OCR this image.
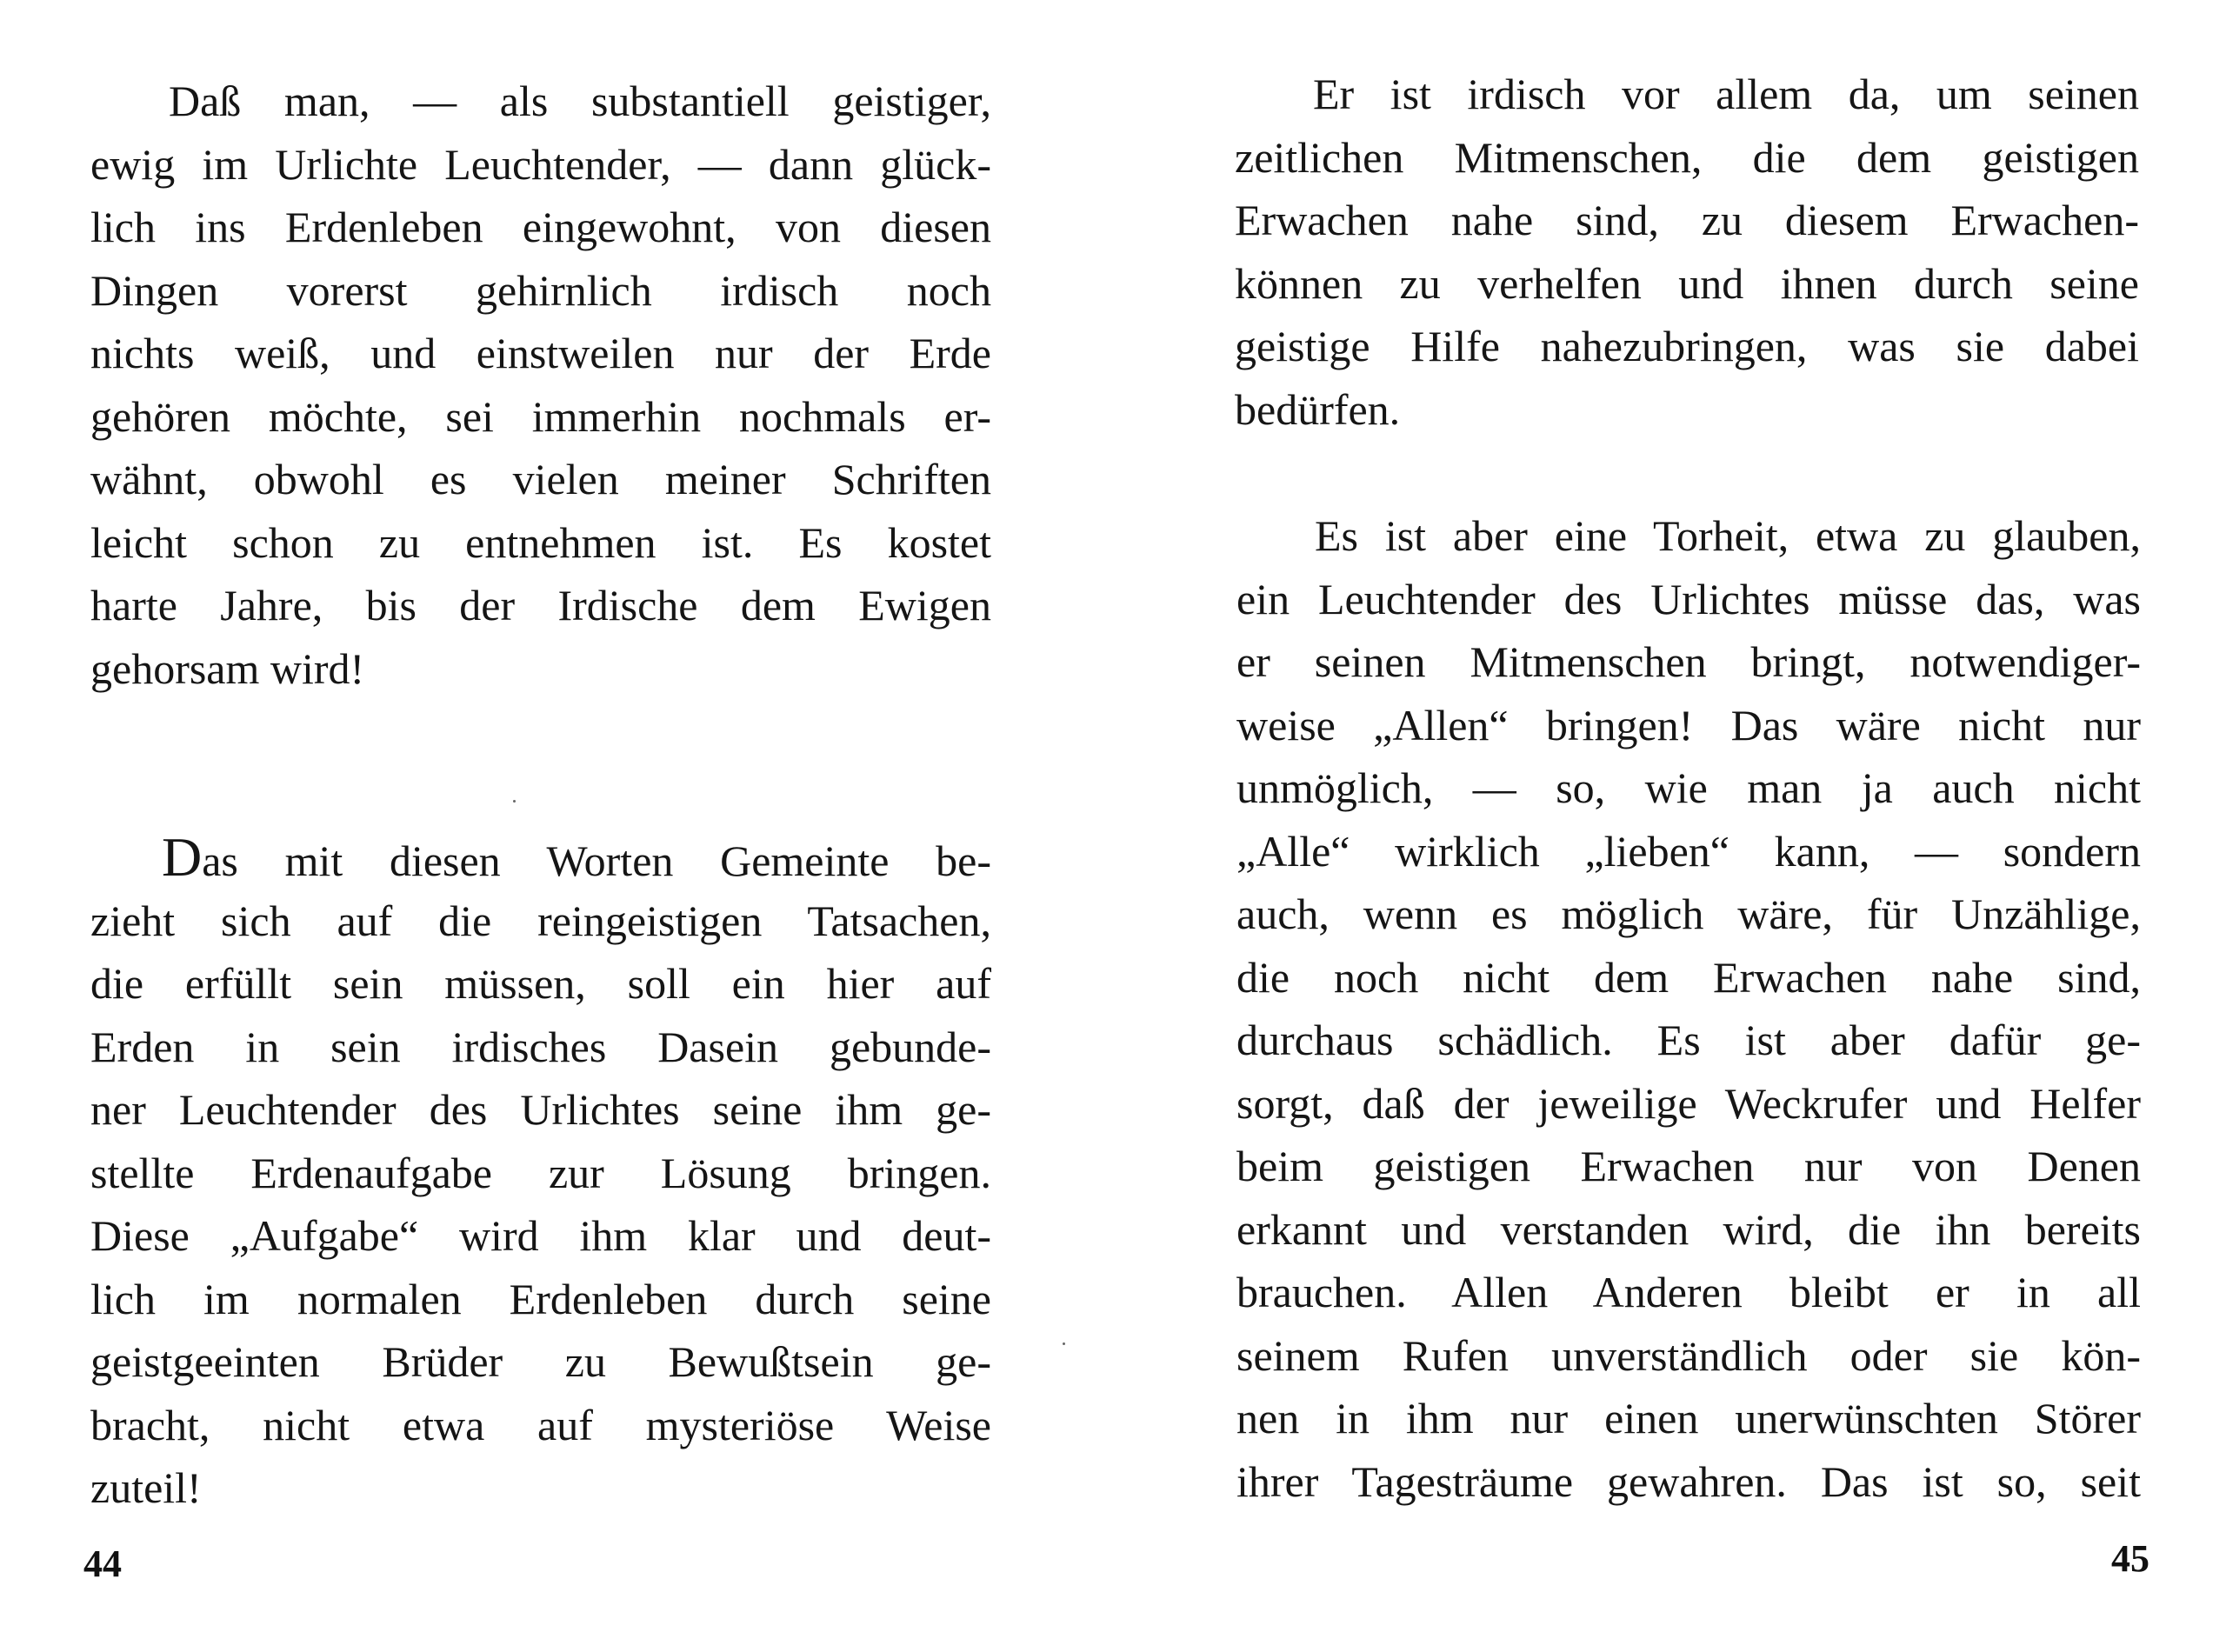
Daß man, — als substantiell geistiger,
ewig im Urlichte Leuchtender, — dann glück-
lich ins Erdenleben eingewohnt, von diesen
Dingen vorerst gehirnlich irdisch noch
nichts weiß, und einstweilen nur der Erde
gehören möchte, sei immerhin nochmals er-
wähnt, obwohl es vielen meiner Schriften
leicht schon zu entnehmen ist. Es kostet
harte Jahre, bis der Irdische dem Ewigen
gehorsam wird!
Das mit diesen Worten Gemeinte be-
zieht sich auf die reingeistigen Tatsachen,
die erfüllt sein müssen, soll ein hier auf
Erden in sein irdisches Dasein gebunde-
ner Leuchtender des Urlichtes seine ihm ge-
stellte Erdenaufgabe zur Lösung bringen.
Diese „Aufgabe“ wird ihm klar und deut-
lich im normalen Erdenleben durch seine
geistgeeinten Brüder zu Bewußtsein ge-
bracht, nicht etwa auf mysteriöse Weise
zuteil!
44
Er ist irdisch vor allem da, um seinen
zeitlichen Mitmenschen, die dem geistigen
Erwachen nahe sind, zu diesem Erwachen-
können zu verhelfen und ihnen durch seine
geistige Hilfe nahezubringen, was sie dabei
bedürfen.
Es ist aber eine Torheit, etwa zu glauben,
ein Leuchtender des Urlichtes müsse das, was
er seinen Mitmenschen bringt, notwendiger-
weise „Allen“ bringen! Das wäre nicht nur
unmöglich, — so, wie man ja auch nicht
„Alle“ wirklich „lieben“ kann, — sondern
auch, wenn es möglich wäre, für Unzählige,
die noch nicht dem Erwachen nahe sind,
durchaus schädlich. Es ist aber dafür ge-
sorgt, daß der jeweilige Weckrufer und Helfer
beim geistigen Erwachen nur von Denen
erkannt und verstanden wird, die ihn bereits
brauchen. Allen Anderen bleibt er in all
seinem Rufen unverständlich oder sie kön-
nen in ihm nur einen unerwünschten Störer
ihrer Tagesträume gewahren. Das ist so, seit
45
